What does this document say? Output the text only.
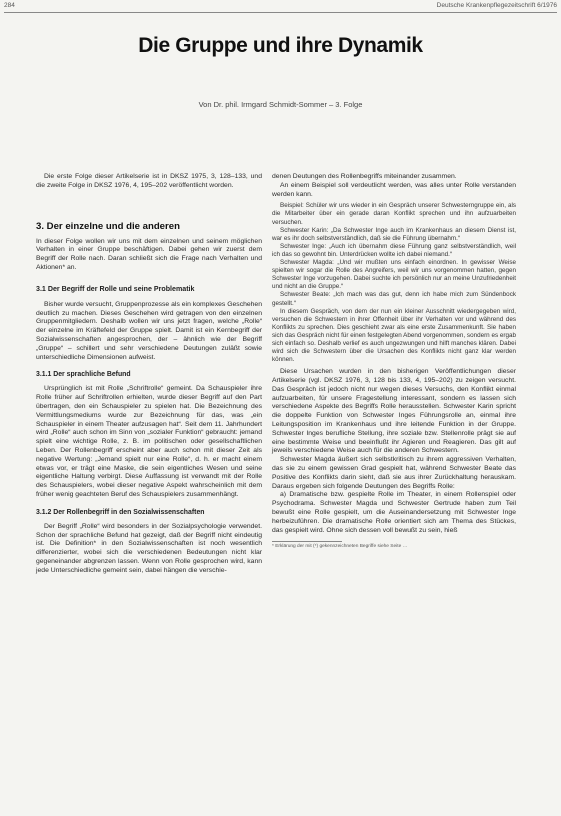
284	Deutsche Krankenpflegezeitschrift 6/1976
Die Gruppe und ihre Dynamik
Von Dr. phil. Irmgard Schmidt-Sommer – 3. Folge

Die erste Folge dieser Artikelserie ist in DKSZ 1975, 3, 128–133, und die zweite Folge in DKSZ 1976, 4, 195–202 veröffentlicht worden.

3. Der einzelne und die anderen

In dieser Folge wollen wir uns mit dem einzelnen und seinem möglichen Verhalten in einer Gruppe beschäftigen. Dabei gehen wir zuerst dem Begriff der Rolle nach. Daran schließt sich die Frage nach Verhalten und Aktionen* an.

3.1 Der Begriff der Rolle und seine Problematik

Bisher wurde versucht, Gruppenprozesse als ein komplexes Geschehen deutlich zu machen. Dieses Geschehen wird getragen von den einzelnen Gruppenmitgliedern. Deshalb wollen wir uns jetzt fragen, welche „Rolle“ der einzelne im Kräftefeld der Gruppe spielt. Damit ist ein Kernbegriff der Sozialwissenschaften angesprochen, der – ähnlich wie der Begriff „Gruppe“ – schillert und sehr verschiedene Deutungen zuläßt sowie unterschiedliche Dimensionen aufweist.

3.1.1 Der sprachliche Befund

Ursprünglich ist mit Rolle „Schriftrolle“ gemeint. Da Schauspieler ihre Rolle früher auf Schriftrollen erhielten, wurde dieser Begriff auf den Part übertragen, den ein Schauspieler zu spielen hat. Die Bezeichnung des Vermittlungsmediums wurde zur Bezeichnung für das, was „ein Schauspieler in einem Theater aufzusagen hat“. Seit dem 11. Jahrhundert wird „Rolle“ auch schon im Sinn von „sozialer Funktion“ gebraucht: jemand spielt eine wichtige Rolle, z. B. im politischen oder gesellschaftlichen Leben. Der Rollenbegriff erscheint aber auch schon mit dieser Zeit als negative Wertung: „Jemand spielt nur eine Rolle“, d. h. er macht einem etwas vor, er trägt eine Maske, die sein eigentliches Wesen und seine eigentliche Haltung verbirgt. Diese Auffassung ist verwandt mit der Rolle des Schauspielers, wobei dieser negative Aspekt wahrscheinlich mit dem früher wenig geachteten Beruf des Schauspielers zusammenhängt.

3.1.2 Der Rollenbegriff in den Sozialwissenschaften

Der Begriff „Rolle“ wird besonders in der Sozialpsychologie verwendet. Schon der sprachliche Befund hat gezeigt, daß der Begriff nicht eindeutig ist. Die Definition* in den Sozialwissenschaften ist noch wesentlich differenzierter, wobei sich die verschiedenen Bedeutungen nicht klar gegeneinander abgrenzen lassen. Wenn von Rolle gesprochen wird, kann jede Unterschiedliche gemeint sein, dabei hängen die verschie-

denen Deutungen des Rollenbegriffs miteinander zusammen.

An einem Beispiel soll verdeutlicht werden, was alles unter Rolle verstanden werden kann.

Beispiel: Schüler wir uns wieder in ein Gespräch unserer Schwesterngruppe ein, als die Mitarbeiter über ein gerade daran Konflikt sprechen und ihn aufzuarbeiten versuchen.

Schwester Karin: „Da Schwester Inge auch im Krankenhaus an diesem Dienst ist, war es ihr doch selbstverständlich, daß sie die Führung übernahm.“

Schwester Inge: „Auch ich übernahm diese Führung ganz selbstverständlich, weil ich das so gewohnt bin. Unterdrücken wollte ich dabei niemand.“

Schwester Magda: „Und wir mußten uns einfach einordnen. In gewisser Weise spielten wir sogar die Rolle des Angreifers, weil wir uns vorgenommen hatten, gegen Schwester Inge vorzugehen. Dabei suchte ich persönlich nur an meine Unzufriedenheit und nicht an die Gruppe.“

Schwester Beate: „Ich mach was das gut, denn ich habe mich zum Sündenbock gestellt.“

In diesem Gespräch, von dem der nun ein kleiner Ausschnitt wiedergegeben wird, versuchen die Schwestern in ihrer Offenheit über ihr Verhalten vor und während des Konflikts zu sprechen. Dies geschieht zwar als eine erste Zusammenkunft. Sie haben sich das Gespräch nicht für einen festgelegten Abend vorgenommen, sondern es ergab sich einfach so. Deshalb verlief es auch ungezwungen und hilft manches klären. Dabei wird sich die Schwestern über die Ursachen des Konflikts nicht ganz klar werden können.

Diese Ursachen wurden in den bisherigen Veröffentlichungen dieser Artikelserie (vgl. DKSZ 1976, 3, 128 bis 133, 4, 195–202) zu zeigen versucht. Das Gespräch ist jedoch nicht nur wegen dieses Versuchs, den Konflikt einmal aufzuarbeiten, für unsere Fragestellung interessant, sondern es lassen sich verschiedene Aspekte des Begriffs Rolle herausstellen. Schwester Karin spricht die doppelte Funktion von Schwester Inges Führungsrolle an, einmal ihre Leitungsposition im Krankenhaus und ihre leitende Funktion in der Gruppe. Schwester Inges berufliche Stellung, ihre soziale bzw. Stellenrolle prägt sie auf eine bestimmte Weise und beeinflußt ihr Agieren und Reagieren. Das gilt auf jeweils verschiedene Weise auch für die anderen Schwestern.

Schwester Magda äußert sich selbstkritisch zu ihrem aggressiven Verhalten, das sie zu einem gewissen Grad gespielt hat, während Schwester Beate das Positive des Konflikts darin sieht, daß sie aus ihrer Zurückhaltung herauskam. Daraus ergeben sich folgende Deutungen des Begriffs Rolle:

a) Dramatische bzw. gespielte Rolle im Theater, in einem Rollenspiel oder Psychodrama. Schwester Magda und Schwester Gertrude haben zum Teil bewußt eine Rolle gespielt, um die Auseinandersetzung mit Schwester Inge herbeizuführen. Die dramatische Rolle orientiert sich am Thema des Stückes, das gespielt wird. Ohne sich dessen voll bewußt zu sein, hieß

* Erklärung der mit (*) gekennzeichneten Begriffe siehe Seite …
